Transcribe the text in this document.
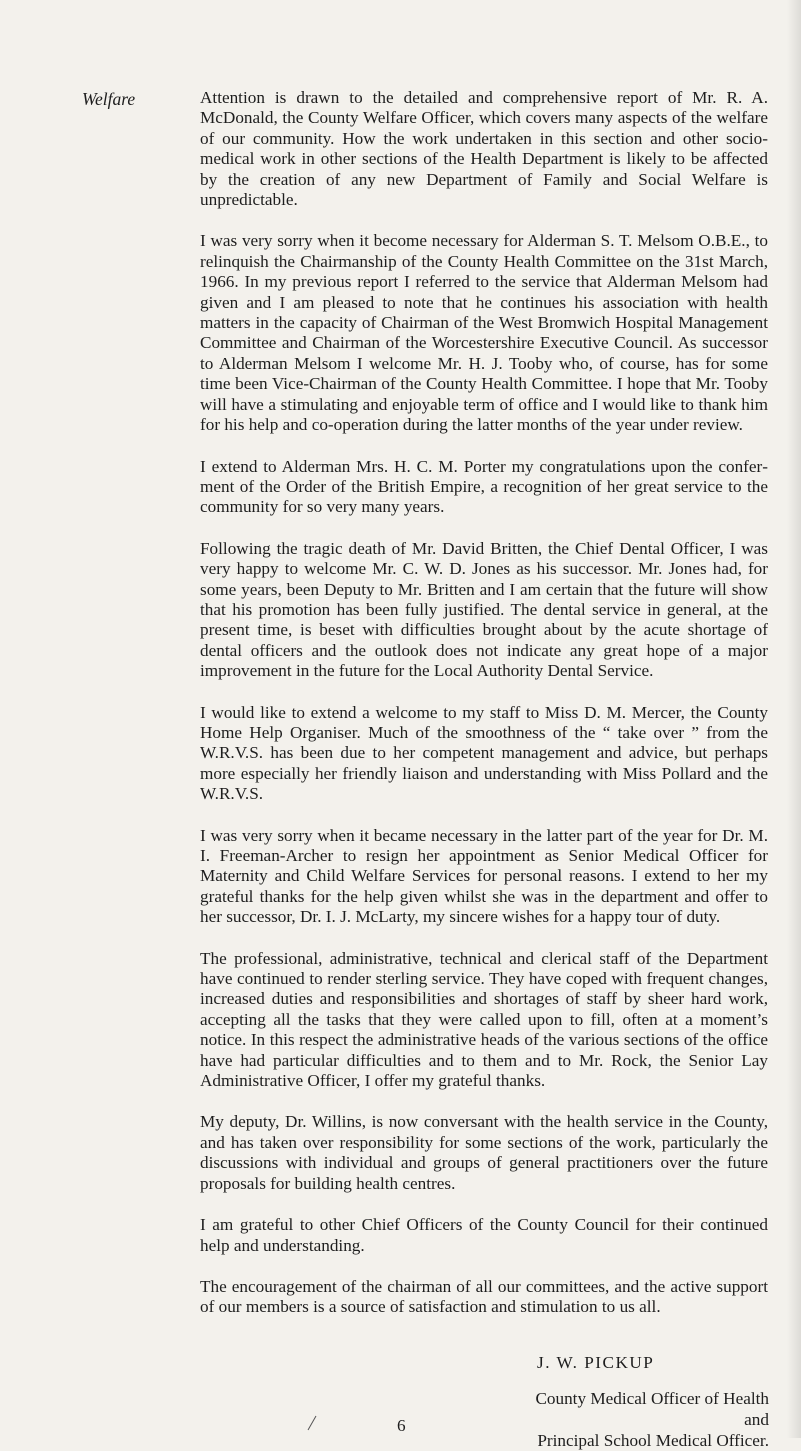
Welfare	Attention is drawn to the detailed and comprehensive report of Mr. R. A. McDonald, the County Welfare Officer, which covers many aspects of the welfare of our community. How the work undertaken in this section and other socio-medical work in other sections of the Health Department is likely to be affected by the creation of any new Department of Family and Social Welfare is unpredictable.

I was very sorry when it become necessary for Alderman S. T. Melsom O.B.E., to relinquish the Chairmanship of the County Health Committee on the 31st March, 1966. In my previous report I referred to the service that Alderman Melsom had given and I am pleased to note that he continues his association with health matters in the capacity of Chairman of the West Bromwich Hospital Management Committee and Chairman of the Worcestershire Executive Council. As successor to Alderman Melsom I welcome Mr. H. J. Tooby who, of course, has for some time been Vice-Chairman of the County Health Committee. I hope that Mr. Tooby will have a stimulating and enjoyable term of office and I would like to thank him for his help and co-operation during the latter months of the year under review.

I extend to Alderman Mrs. H. C. M. Porter my congratulations upon the conferment of the Order of the British Empire, a recognition of her great service to the community for so very many years.

Following the tragic death of Mr. David Britten, the Chief Dental Officer, I was very happy to welcome Mr. C. W. D. Jones as his successor. Mr. Jones had, for some years, been Deputy to Mr. Britten and I am certain that the future will show that his promotion has been fully justified. The dental service in general, at the present time, is beset with difficulties brought about by the acute shortage of dental officers and the outlook does not indicate any great hope of a major improvement in the future for the Local Authority Dental Service.

I would like to extend a welcome to my staff to Miss D. M. Mercer, the County Home Help Organiser. Much of the smoothness of the “ take over ” from the W.R.V.S. has been due to her competent management and advice, but perhaps more especially her friendly liaison and understanding with Miss Pollard and the W.R.V.S.

I was very sorry when it became necessary in the latter part of the year for Dr. M. I. Freeman-Archer to resign her appointment as Senior Medical Officer for Maternity and Child Welfare Services for personal reasons. I extend to her my grateful thanks for the help given whilst she was in the department and offer to her successor, Dr. I. J. McLarty, my sincere wishes for a happy tour of duty.

The professional, administrative, technical and clerical staff of the Department have continued to render sterling service. They have coped with frequent changes, increased duties and responsibilities and shortages of staff by sheer hard work, accepting all the tasks that they were called upon to fill, often at a moment’s notice. In this respect the administrative heads of the various sections of the office have had particular difficulties and to them and to Mr. Rock, the Senior Lay Administrative Officer, I offer my grateful thanks.

My deputy, Dr. Willins, is now conversant with the health service in the County, and has taken over responsibility for some sections of the work, particularly the discussions with individual and groups of general practitioners over the future proposals for building health centres.

I am grateful to other Chief Officers of the County Council for their continued help and understanding.

The encouragement of the chairman of all our committees, and the active support of our members is a source of satisfaction and stimulation to us all.

J. W. PICKUP
County Medical Officer of Health and
Principal School Medical Officer.
6
